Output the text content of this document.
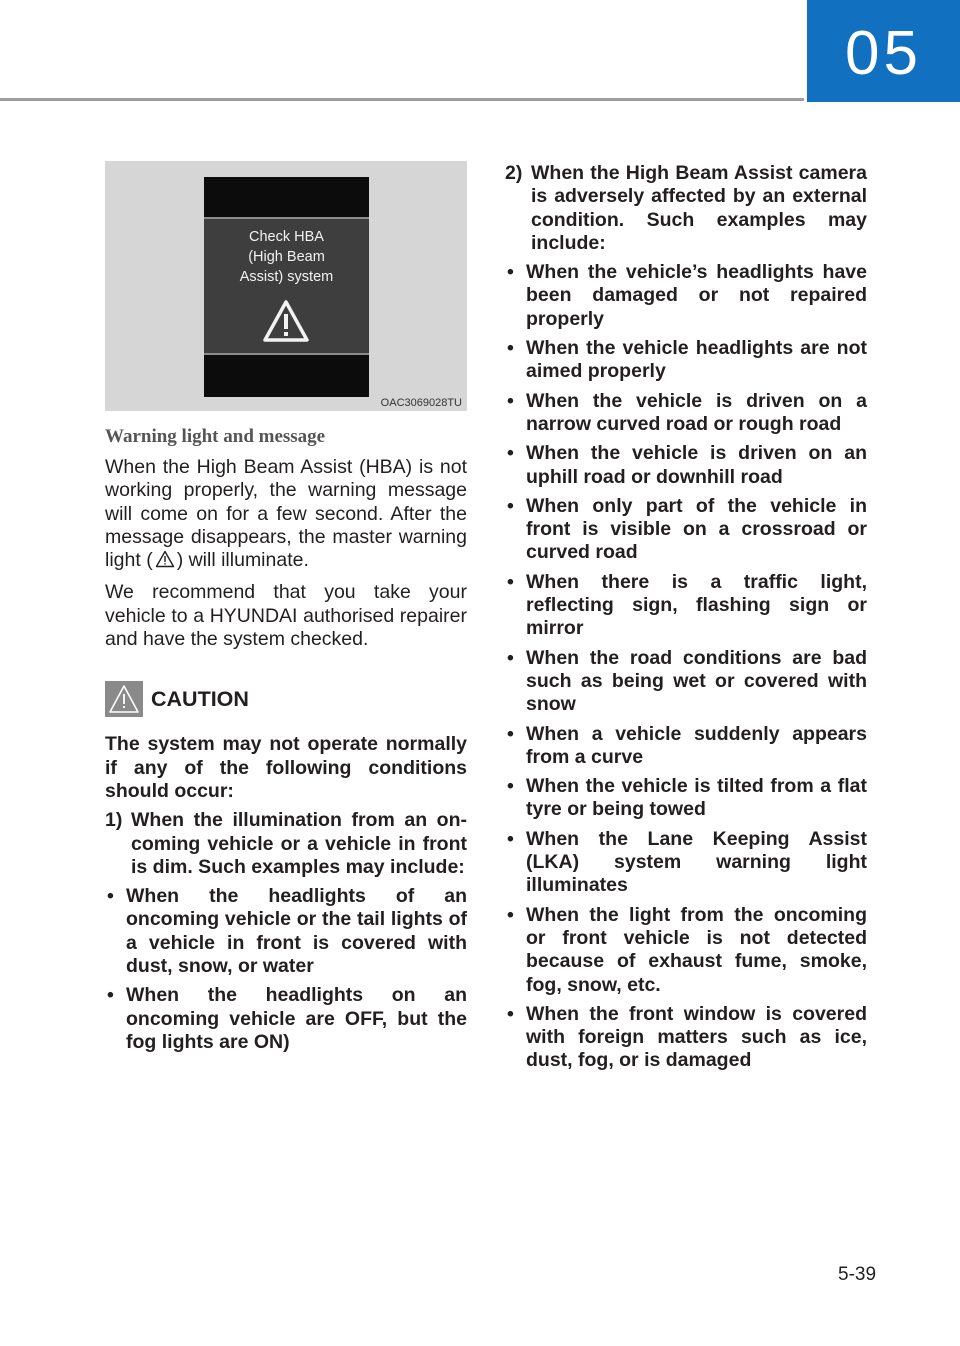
05
Check HBA
(High Beam
Assist) system
OAC3069028TU
Warning light and message

When the High Beam Assist (HBA) is not working properly, the warning message will come on for a few second. After the message disappears, the master warning light ( ) will illuminate.

We recommend that you take your vehicle to a HYUNDAI authorised repairer and have the system checked.

CAUTION

The system may not operate normally if any of the following conditions should occur:

1) When the illumination from an on-coming vehicle or a vehicle in front is dim. Such examples may include:
• When the headlights of an oncoming vehicle or the tail lights of a vehicle in front is covered with dust, snow, or water
• When the headlights on an oncoming vehicle are OFF, but the fog lights are ON)
2) When the High Beam Assist camera is adversely affected by an external condition. Such examples may include:
• When the vehicle’s headlights have been damaged or not repaired properly
• When the vehicle headlights are not aimed properly
• When the vehicle is driven on a narrow curved road or rough road
• When the vehicle is driven on an uphill road or downhill road
• When only part of the vehicle in front is visible on a crossroad or curved road
• When there is a traffic light, reflecting sign, flashing sign or mirror
• When the road conditions are bad such as being wet or covered with snow
• When a vehicle suddenly appears from a curve
• When the vehicle is tilted from a flat tyre or being towed
• When the Lane Keeping Assist (LKA) system warning light illuminates
• When the light from the oncoming or front vehicle is not detected because of exhaust fume, smoke, fog, snow, etc.
• When the front window is covered with foreign matters such as ice, dust, fog, or is damaged
5-39
